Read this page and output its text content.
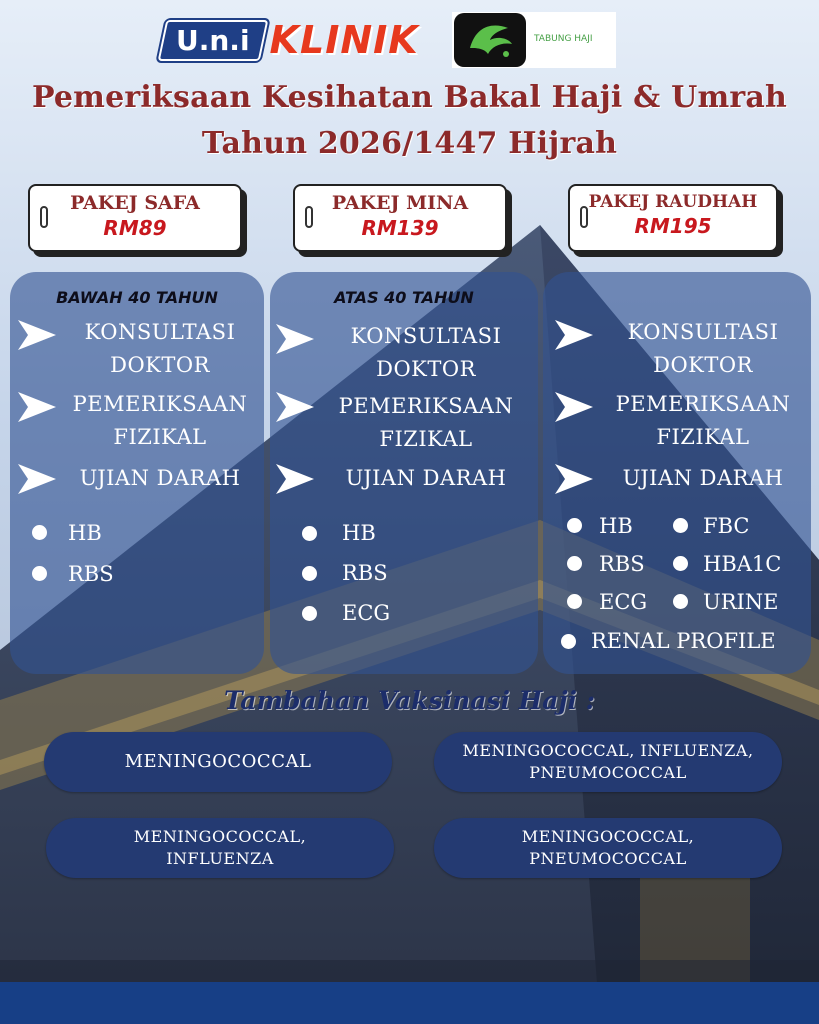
U.n.i KLINIK	TABUNG HAJI
Pemeriksaan Kesihatan Bakal Haji & Umrah
Tahun 2026/1447 Hijrah
PAKEJ SAFA
RM89
PAKEJ MINA
RM139
PAKEJ RAUDHAH
RM195
BAWAH 40 TAHUN
KONSULTASI DOKTOR
PEMERIKSAAN FIZIKAL
UJIAN DARAH
HB
RBS
ATAS 40 TAHUN
KONSULTASI DOKTOR
PEMERIKSAAN FIZIKAL
UJIAN DARAH
HB
RBS
ECG
KONSULTASI DOKTOR
PEMERIKSAAN FIZIKAL
UJIAN DARAH
HB	FBC
RBS	HBA1C
ECG	URINE
RENAL PROFILE
Tambahan Vaksinasi Haji :
MENINGOCOCCAL
MENINGOCOCCAL, INFLUENZA, PNEUMOCOCCAL
MENINGOCOCCAL, INFLUENZA
MENINGOCOCCAL, PNEUMOCOCCAL
